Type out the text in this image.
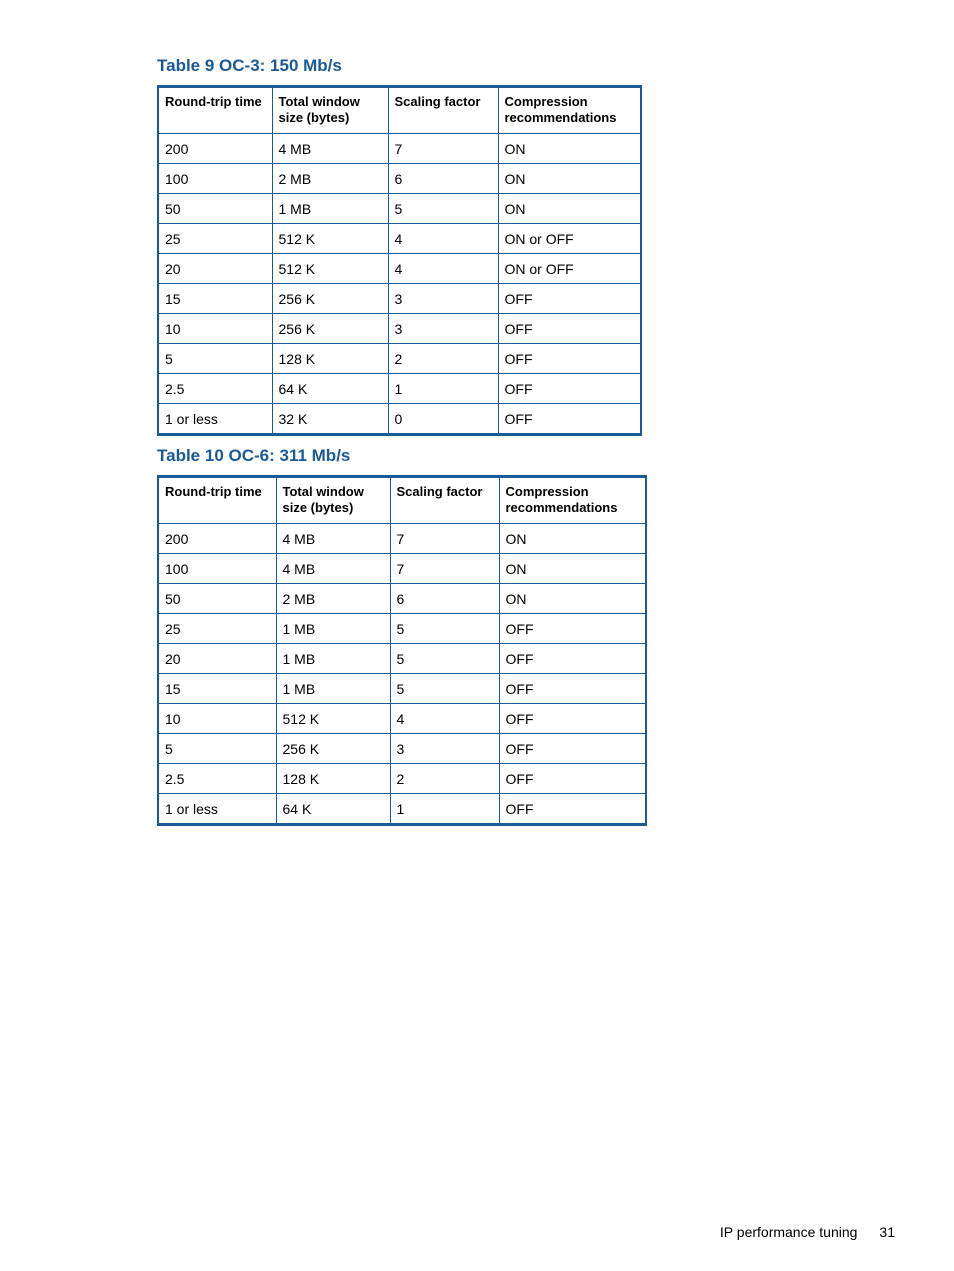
Table 9 OC-3: 150 Mb/s
Round-trip time	Total window size (bytes)	Scaling factor	Compression recommendations
200	4 MB	7	ON
100	2 MB	6	ON
50	1 MB	5	ON
25	512 K	4	ON or OFF
20	512 K	4	ON or OFF
15	256 K	3	OFF
10	256 K	3	OFF
5	128 K	2	OFF
2.5	64 K	1	OFF
1 or less	32 K	0	OFF
Table 10 OC-6: 311 Mb/s
Round-trip time	Total window size (bytes)	Scaling factor	Compression recommendations
200	4 MB	7	ON
100	4 MB	7	ON
50	2 MB	6	ON
25	1 MB	5	OFF
20	1 MB	5	OFF
15	1 MB	5	OFF
10	512 K	4	OFF
5	256 K	3	OFF
2.5	128 K	2	OFF
1 or less	64 K	1	OFF
IP performance tuning 31
